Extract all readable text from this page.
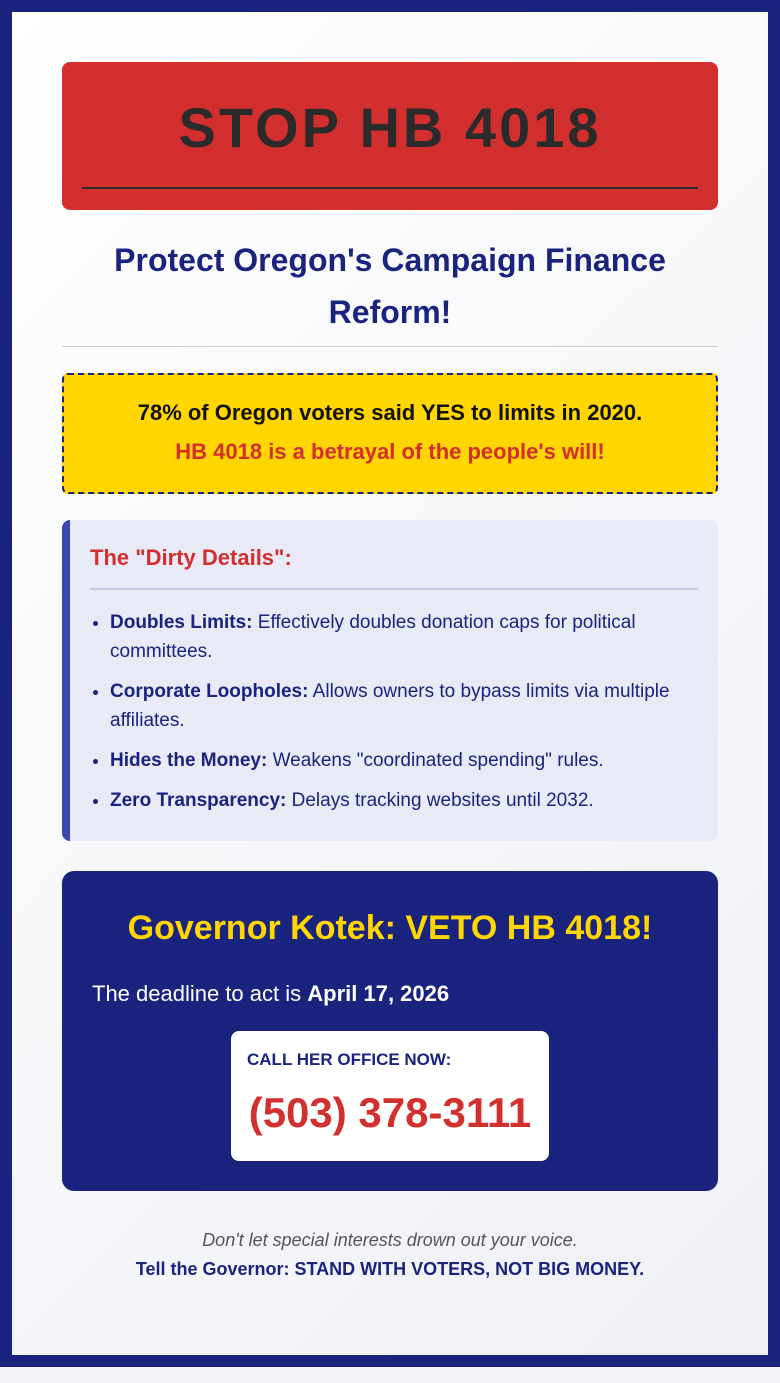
STOP HB 4018
Protect Oregon's Campaign Finance Reform!
78% of Oregon voters said YES to limits in 2020.
HB 4018 is a betrayal of the people's will!
The "Dirty Details":
• Doubles Limits: Effectively doubles donation caps for political committees.
• Corporate Loopholes: Allows owners to bypass limits via multiple affiliates.
• Hides the Money: Weakens "coordinated spending" rules.
• Zero Transparency: Delays tracking websites until 2032.
Governor Kotek: VETO HB 4018!
The deadline to act is April 17, 2026
CALL HER OFFICE NOW:
(503) 378-3111
Don't let special interests drown out your voice.
Tell the Governor: STAND WITH VOTERS, NOT BIG MONEY.
